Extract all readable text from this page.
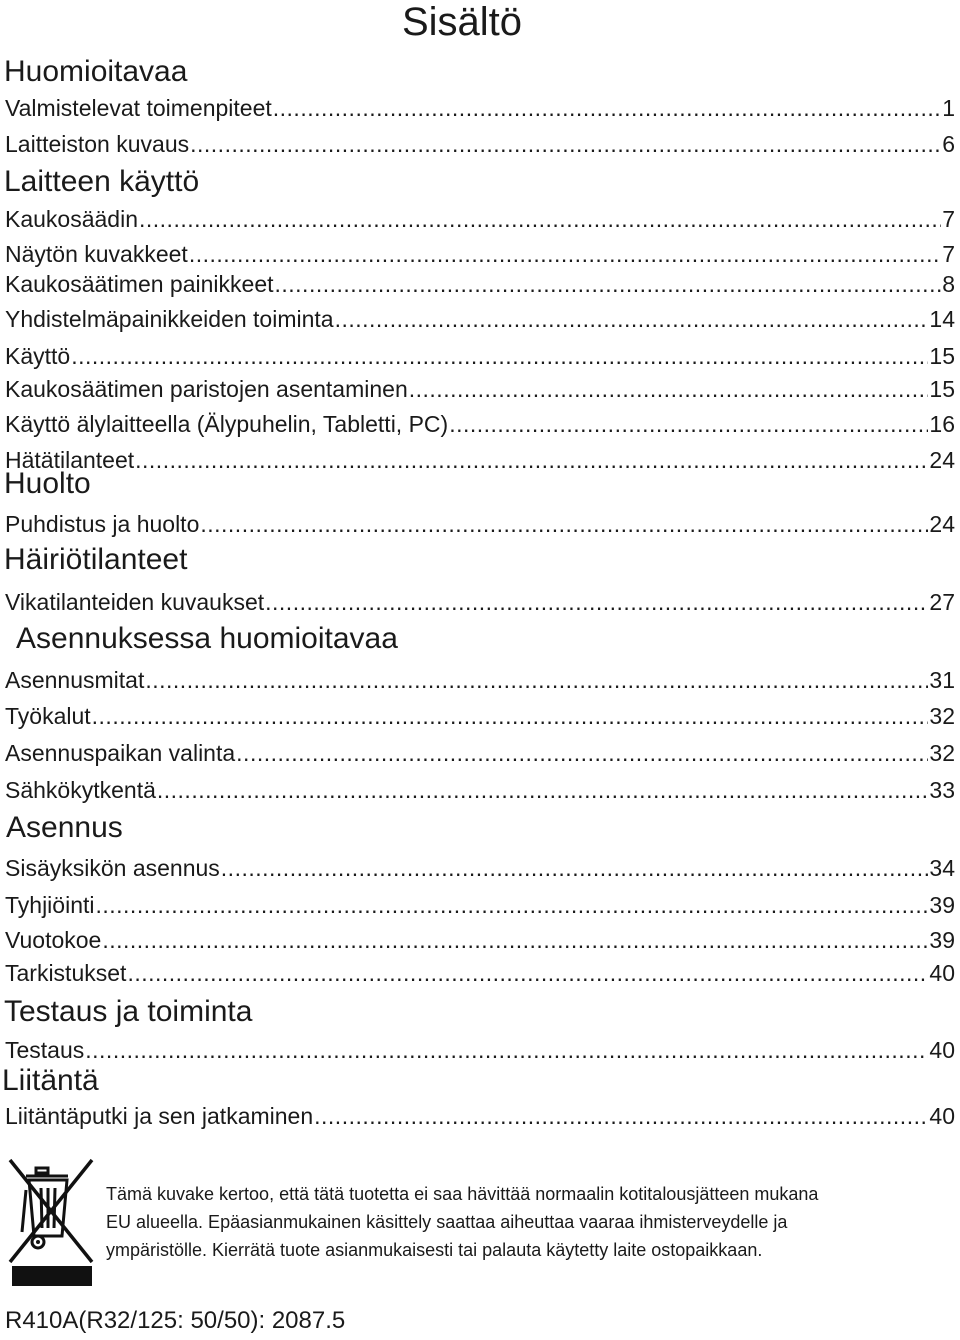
Sisältö
Huomioitavaa
Valmistelevat toimenpiteet .....	1
Laitteiston kuvaus .....	6
Laitteen käyttö
Kaukosäädin .....	7
Näytön kuvakkeet .....	7
Kaukosäätimen painikkeet .....	8
Yhdistelmäpainikkeiden toiminta .....	14
Käyttö .....	15
Kaukosäätimen paristojen asentaminen .....	15
Käyttö älylaitteella (Älypuhelin, Tabletti, PC) .....	16
Hätätilanteet .....	24
Huolto
Puhdistus ja huolto .....	24
Häiriötilanteet
Vikatilanteiden kuvaukset .....	27
Asennuksessa huomioitavaa
Asennusmitat .....	31
Työkalut .....	32
Asennuspaikan valinta .....	32
Sähkökytkentä .....	33
Asennus
Sisäyksikön asennus .....	34
Tyhjiöinti .....	39
Vuotokoe .....	39
Tarkistukset .....	40
Testaus ja toiminta
Testaus .....	40
Liitäntä
Liitäntäputki ja sen jatkaminen .....	40
Tämä kuvake kertoo, että tätä tuotetta ei saa hävittää normaalin kotitalousjätteen mukana
EU alueella. Epäasianmukainen käsittely saattaa aiheuttaa vaaraa ihmisterveydelle ja
ympäristölle. Kierrätä tuote asianmukaisesti tai palauta käytetty laite ostopaikkaan.
R410A(R32/125: 50/50): 2087.5
